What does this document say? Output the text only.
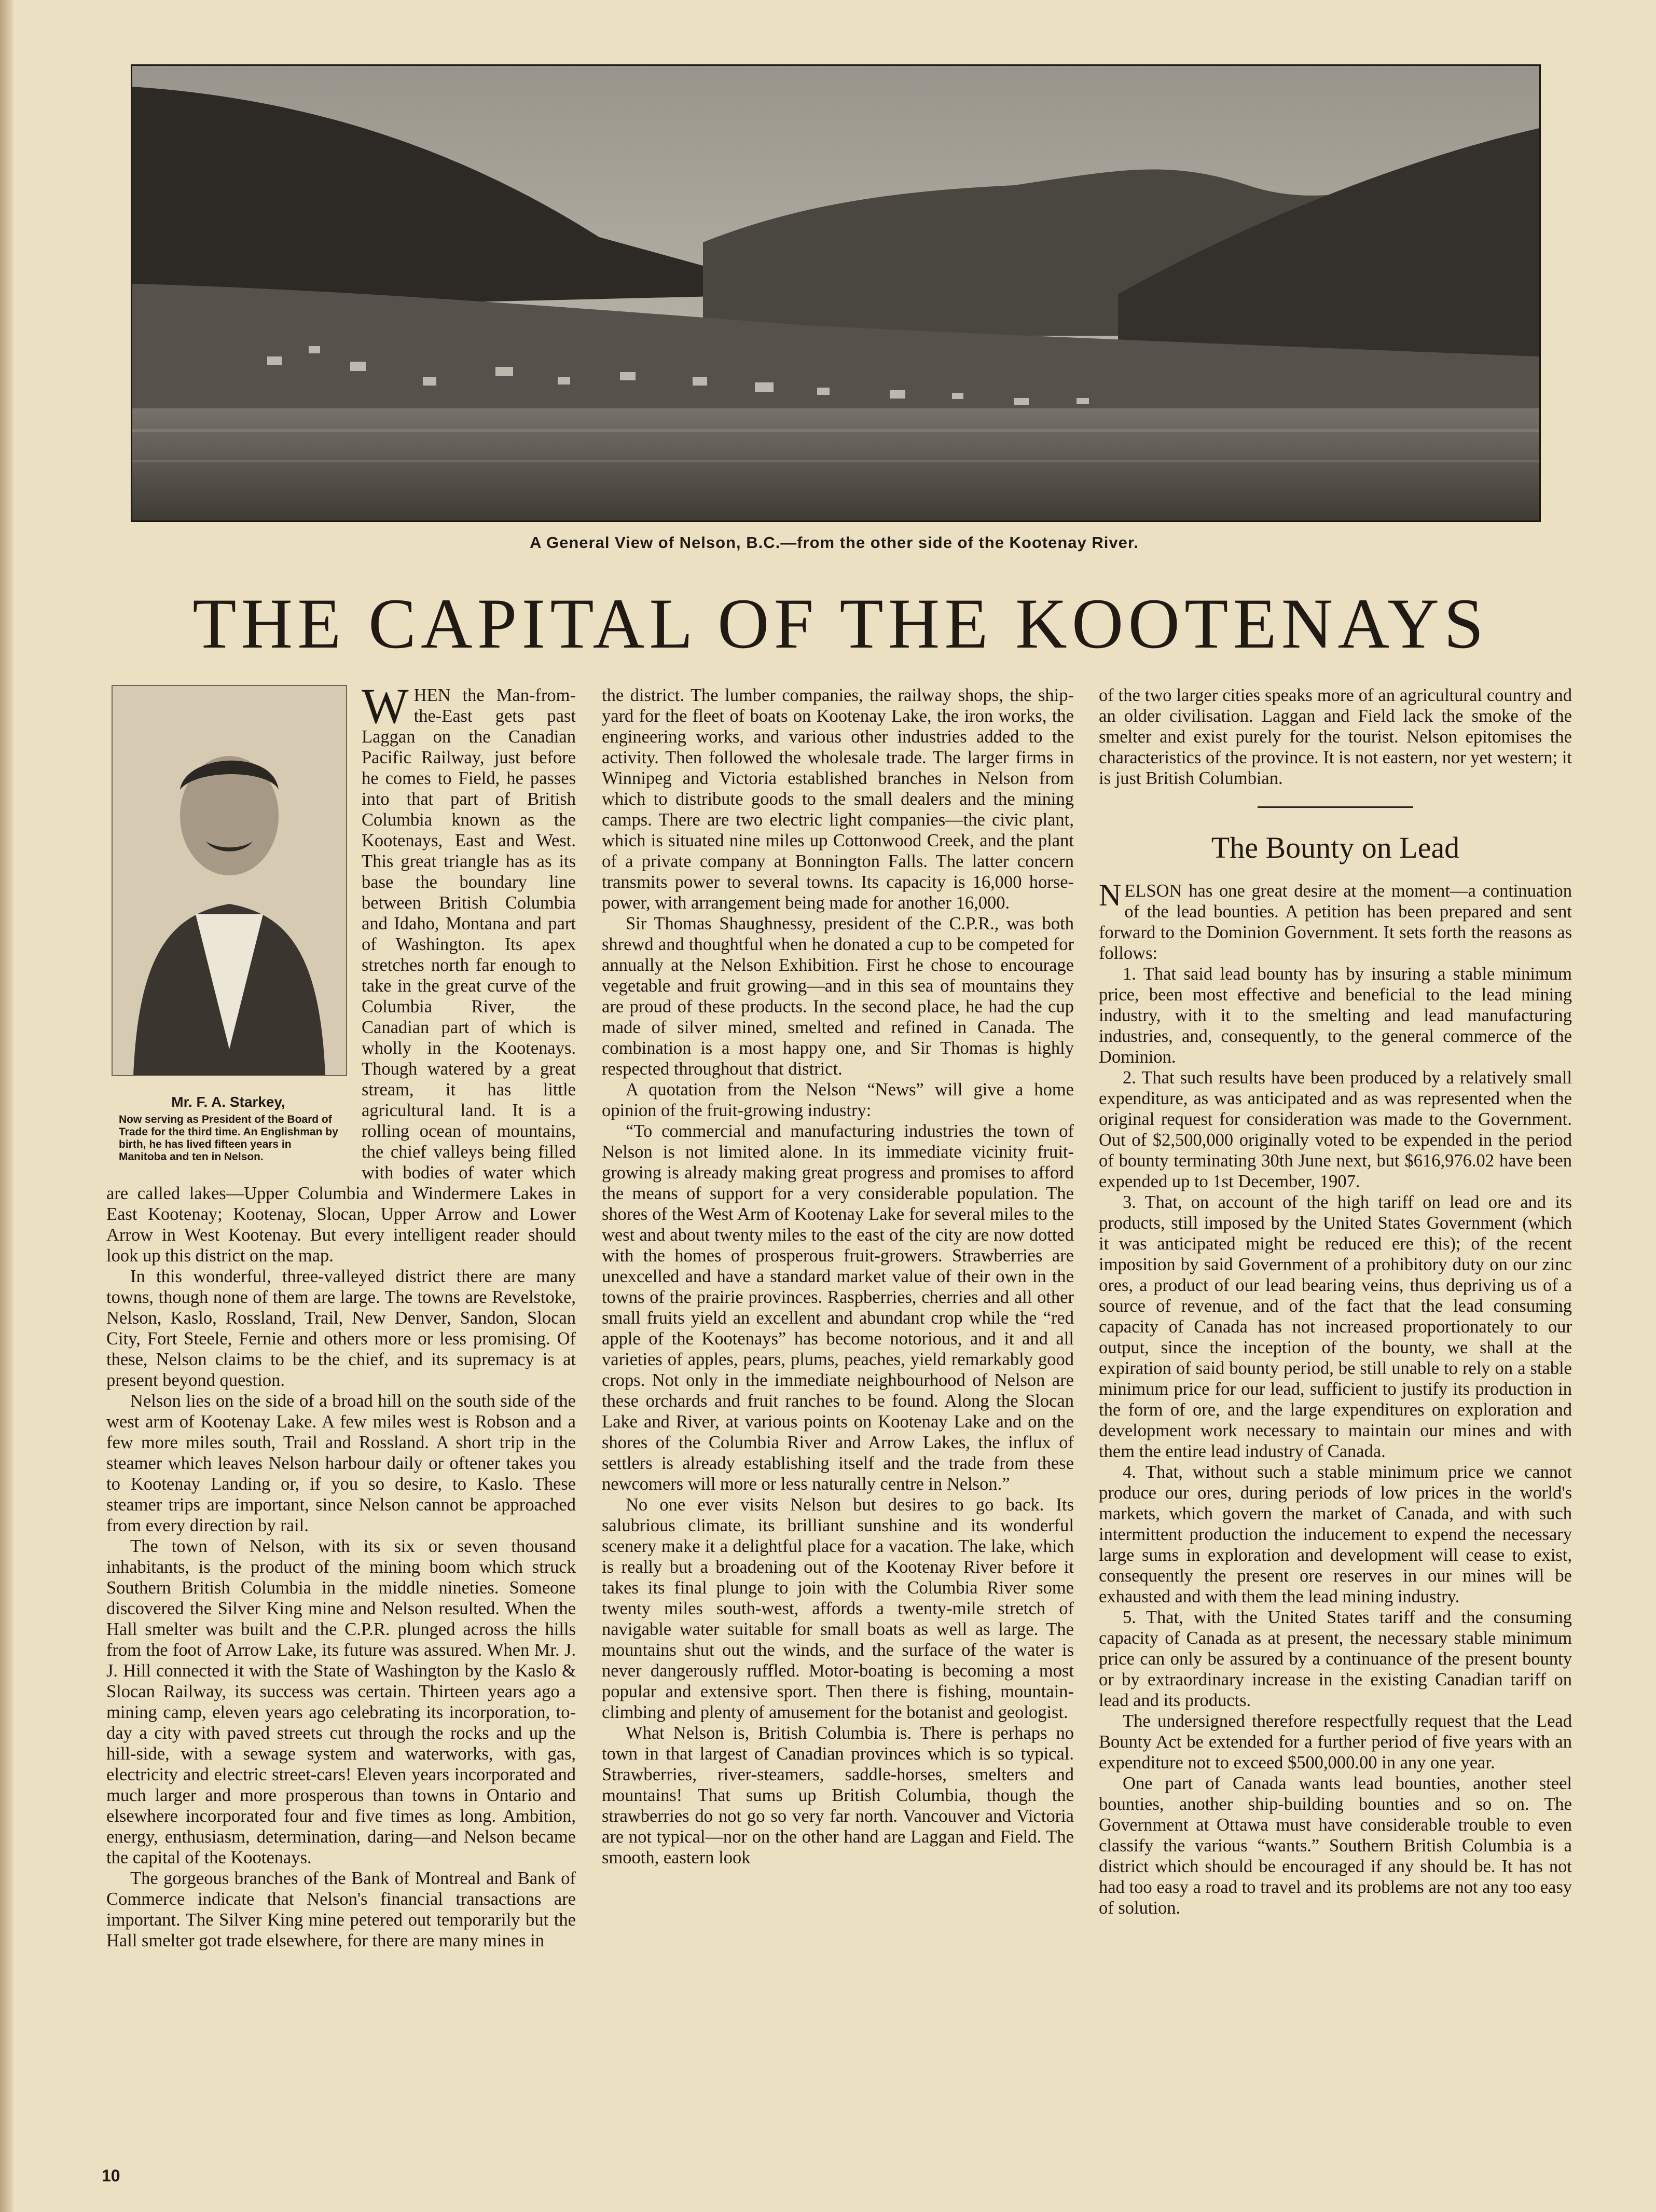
A General View of Nelson, B.C.—from the other side of the Kootenay River.
THE CAPITAL OF THE KOOTENAYS
Mr. F. A. Starkey,
Now serving as President of the Board of Trade for the third time. An Englishman by birth, he has lived fifteen years in Manitoba and ten in Nelson.

WHEN the Man-from-the-East gets past Laggan on the Canadian Pacific Railway, just before he comes to Field, he passes into that part of British Columbia known as the Kootenays, East and West. This great triangle has as its base the boundary line between British Columbia and Idaho, Montana and part of Washington. Its apex stretches north far enough to take in the great curve of the Columbia River, the Canadian part of which is wholly in the Kootenays. Though watered by a great stream, it has little agricultural land. It is a rolling ocean of mountains, the chief valleys being filled with bodies of water which are called lakes—Upper Columbia and Windermere Lakes in East Kootenay; Kootenay, Slocan, Upper Arrow and Lower Arrow in West Kootenay. But every intelligent reader should look up this district on the map.

In this wonderful, three-valleyed district there are many towns, though none of them are large. The towns are Revelstoke, Nelson, Kaslo, Rossland, Trail, New Denver, Sandon, Slocan City, Fort Steele, Fernie and others more or less promising. Of these, Nelson claims to be the chief, and its supremacy is at present beyond question.

Nelson lies on the side of a broad hill on the south side of the west arm of Kootenay Lake. A few miles west is Robson and a few more miles south, Trail and Rossland. A short trip in the steamer which leaves Nelson harbour daily or oftener takes you to Kootenay Landing or, if you so desire, to Kaslo. These steamer trips are important, since Nelson cannot be approached from every direction by rail.

The town of Nelson, with its six or seven thousand inhabitants, is the product of the mining boom which struck Southern British Columbia in the middle nineties. Someone discovered the Silver King mine and Nelson resulted. When the Hall smelter was built and the C.P.R. plunged across the hills from the foot of Arrow Lake, its future was assured. When Mr. J. J. Hill connected it with the State of Washington by the Kaslo & Slocan Railway, its success was certain. Thirteen years ago a mining camp, eleven years ago celebrating its incorporation, to-day a city with paved streets cut through the rocks and up the hill-side, with a sewage system and waterworks, with gas, electricity and electric street-cars! Eleven years incorporated and much larger and more prosperous than towns in Ontario and elsewhere incorporated four and five times as long. Ambition, energy, enthusiasm, determination, daring—and Nelson became the capital of the Kootenays.

The gorgeous branches of the Bank of Montreal and Bank of Commerce indicate that Nelson's financial transactions are important. The Silver King mine petered out temporarily but the Hall smelter got trade elsewhere, for there are many mines in

the district. The lumber companies, the railway shops, the ship-yard for the fleet of boats on Kootenay Lake, the iron works, the engineering works, and various other industries added to the activity. Then followed the wholesale trade. The larger firms in Winnipeg and Victoria established branches in Nelson from which to distribute goods to the small dealers and the mining camps. There are two electric light companies—the civic plant, which is situated nine miles up Cottonwood Creek, and the plant of a private company at Bonnington Falls. The latter concern transmits power to several towns. Its capacity is 16,000 horse-power, with arrangement being made for another 16,000.

Sir Thomas Shaughnessy, president of the C.P.R., was both shrewd and thoughtful when he donated a cup to be competed for annually at the Nelson Exhibition. First he chose to encourage vegetable and fruit growing—and in this sea of mountains they are proud of these products. In the second place, he had the cup made of silver mined, smelted and refined in Canada. The combination is a most happy one, and Sir Thomas is highly respected throughout that district.

A quotation from the Nelson “News” will give a home opinion of the fruit-growing industry:

“To commercial and manufacturing industries the town of Nelson is not limited alone. In its immediate vicinity fruit-growing is already making great progress and promises to afford the means of support for a very considerable population. The shores of the West Arm of Kootenay Lake for several miles to the west and about twenty miles to the east of the city are now dotted with the homes of prosperous fruit-growers. Strawberries are unexcelled and have a standard market value of their own in the towns of the prairie provinces. Raspberries, cherries and all other small fruits yield an excellent and abundant crop while the “red apple of the Kootenays” has become notorious, and it and all varieties of apples, pears, plums, peaches, yield remarkably good crops. Not only in the immediate neighbourhood of Nelson are these orchards and fruit ranches to be found. Along the Slocan Lake and River, at various points on Kootenay Lake and on the shores of the Columbia River and Arrow Lakes, the influx of settlers is already establishing itself and the trade from these newcomers will more or less naturally centre in Nelson.”

No one ever visits Nelson but desires to go back. Its salubrious climate, its brilliant sunshine and its wonderful scenery make it a delightful place for a vacation. The lake, which is really but a broadening out of the Kootenay River before it takes its final plunge to join with the Columbia River some twenty miles south-west, affords a twenty-mile stretch of navigable water suitable for small boats as well as large. The mountains shut out the winds, and the surface of the water is never dangerously ruffled. Motor-boating is becoming a most popular and extensive sport. Then there is fishing, mountain-climbing and plenty of amusement for the botanist and geologist.

What Nelson is, British Columbia is. There is perhaps no town in that largest of Canadian provinces which is so typical. Strawberries, river-steamers, saddle-horses, smelters and mountains! That sums up British Columbia, though the strawberries do not go so very far north. Vancouver and Victoria are not typical—nor on the other hand are Laggan and Field. The smooth, eastern look

of the two larger cities speaks more of an agricultural country and an older civilisation. Laggan and Field lack the smoke of the smelter and exist purely for the tourist. Nelson epitomises the characteristics of the province. It is not eastern, nor yet western; it is just British Columbian.

The Bounty on Lead

NELSON has one great desire at the moment—a continuation of the lead bounties. A petition has been prepared and sent forward to the Dominion Government. It sets forth the reasons as follows:

1. That said lead bounty has by insuring a stable minimum price, been most effective and beneficial to the lead mining industry, with it to the smelting and lead manufacturing industries, and, consequently, to the general commerce of the Dominion.

2. That such results have been produced by a relatively small expenditure, as was anticipated and as was represented when the original request for consideration was made to the Government. Out of $2,500,000 originally voted to be expended in the period of bounty terminating 30th June next, but $616,976.02 have been expended up to 1st December, 1907.

3. That, on account of the high tariff on lead ore and its products, still imposed by the United States Government (which it was anticipated might be reduced ere this); of the recent imposition by said Government of a prohibitory duty on our zinc ores, a product of our lead bearing veins, thus depriving us of a source of revenue, and of the fact that the lead consuming capacity of Canada has not increased proportionately to our output, since the inception of the bounty, we shall at the expiration of said bounty period, be still unable to rely on a stable minimum price for our lead, sufficient to justify its production in the form of ore, and the large expenditures on exploration and development work necessary to maintain our mines and with them the entire lead industry of Canada.

4. That, without such a stable minimum price we cannot produce our ores, during periods of low prices in the world's markets, which govern the market of Canada, and with such intermittent production the inducement to expend the necessary large sums in exploration and development will cease to exist, consequently the present ore reserves in our mines will be exhausted and with them the lead mining industry.

5. That, with the United States tariff and the consuming capacity of Canada as at present, the necessary stable minimum price can only be assured by a continuance of the present bounty or by extraordinary increase in the existing Canadian tariff on lead and its products.

The undersigned therefore respectfully request that the Lead Bounty Act be extended for a further period of five years with an expenditure not to exceed $500,000.00 in any one year.

One part of Canada wants lead bounties, another steel bounties, another ship-building bounties and so on. The Government at Ottawa must have considerable trouble to even classify the various “wants.” Southern British Columbia is a district which should be encouraged if any should be. It has not had too easy a road to travel and its problems are not any too easy of solution.

10
